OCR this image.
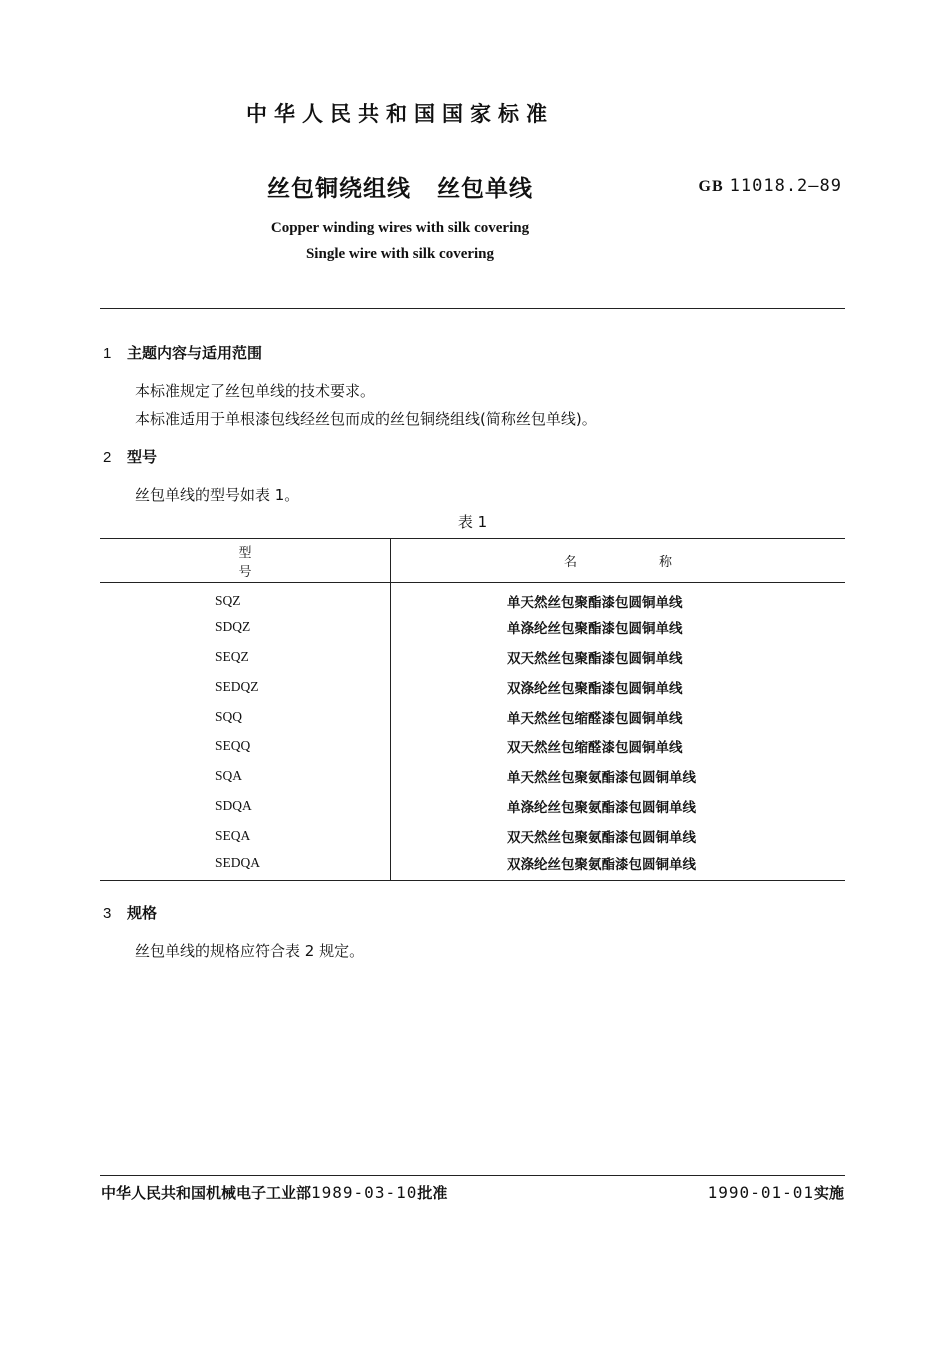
中华人民共和国国家标准
丝包铜绕组线 丝包单线	GB 11018.2—89
Copper winding wires with silk covering
Single wire with silk covering
1 主题内容与适用范围
本标准规定了丝包单线的技术要求。
本标准适用于单根漆包线经丝包而成的丝包铜绕组线(简称丝包单线)。
2 型号
丝包单线的型号如表 1。
表 1
型号	名称
SQZ	单天然丝包聚酯漆包圆铜单线
SDQZ	单涤纶丝包聚酯漆包圆铜单线
SEQZ	双天然丝包聚酯漆包圆铜单线
SEDQZ	双涤纶丝包聚酯漆包圆铜单线
SQQ	单天然丝包缩醛漆包圆铜单线
SEQQ	双天然丝包缩醛漆包圆铜单线
SQA	单天然丝包聚氨酯漆包圆铜单线
SDQA	单涤纶丝包聚氨酯漆包圆铜单线
SEQA	双天然丝包聚氨酯漆包圆铜单线
SEDQA	双涤纶丝包聚氨酯漆包圆铜单线
3 规格
丝包单线的规格应符合表 2 规定。
中华人民共和国机械电子工业部1989-03-10批准	1990-01-01实施
